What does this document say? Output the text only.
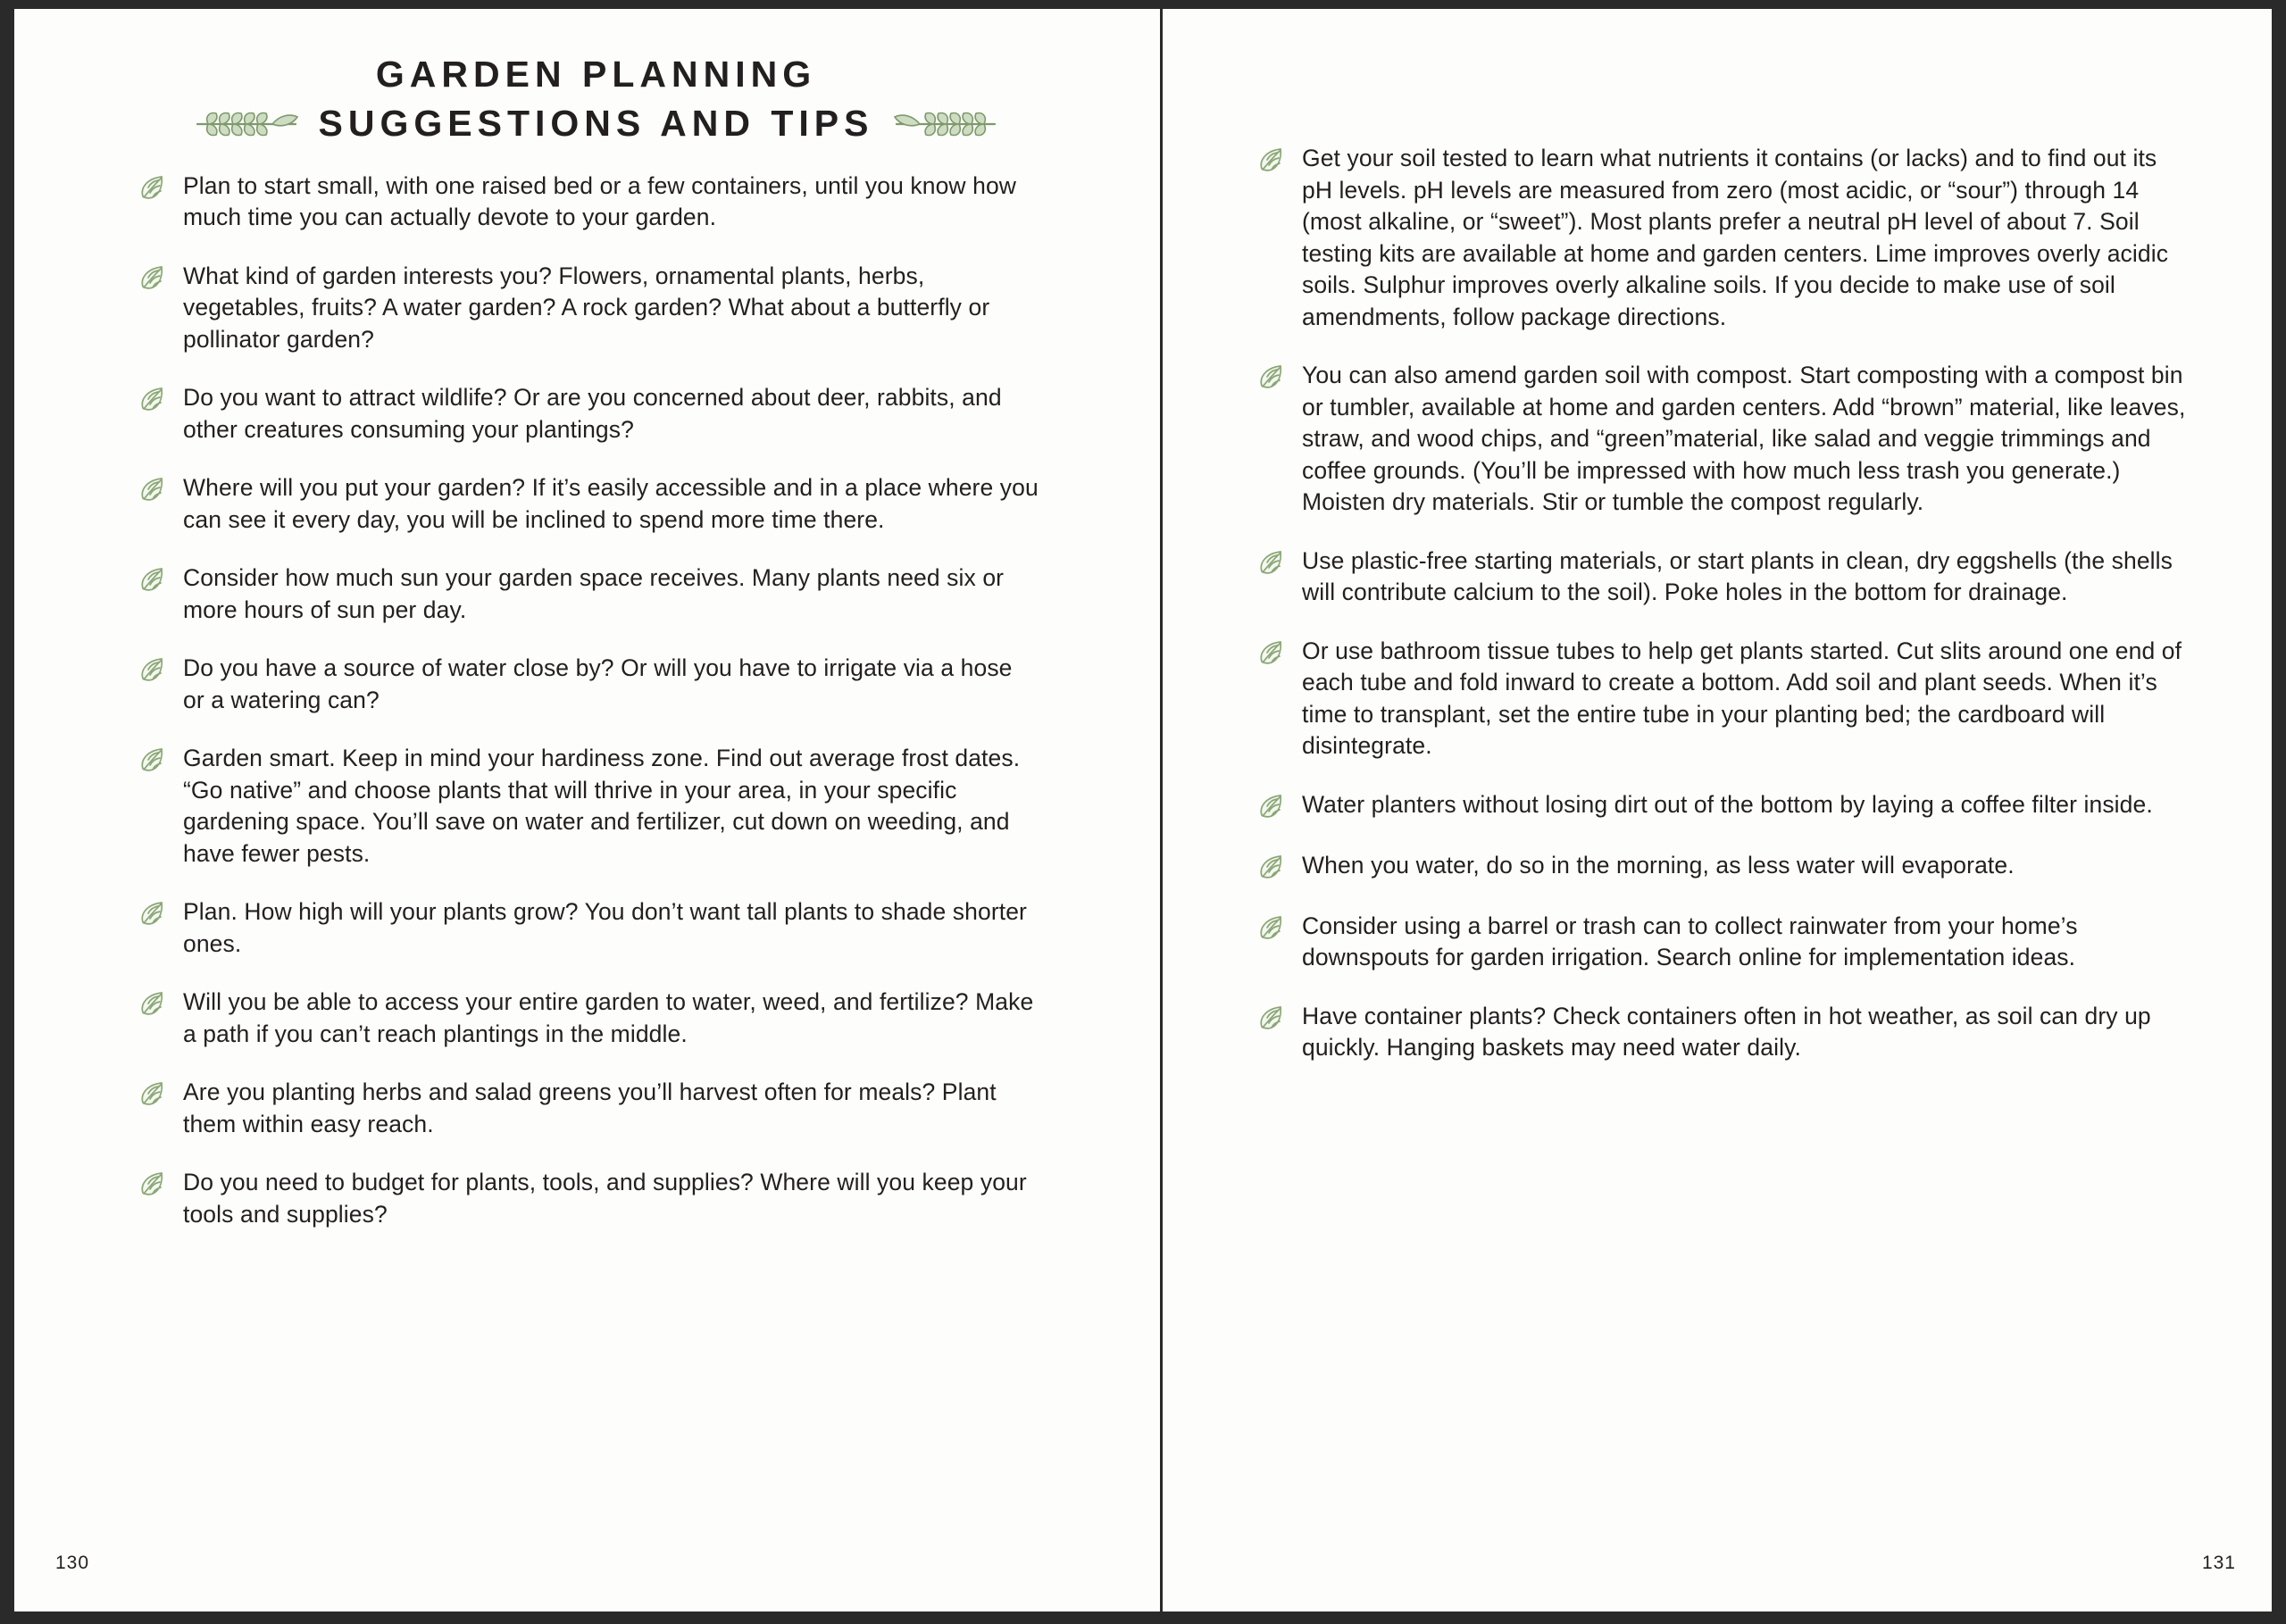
GARDEN PLANNING
SUGGESTIONS AND TIPS
Plan to start small, with one raised bed or a few containers, until you know how much time you can actually devote to your garden.
What kind of garden interests you? Flowers, ornamental plants, herbs, vegetables, fruits? A water garden? A rock garden? What about a butterfly or pollinator garden?
Do you want to attract wildlife? Or are you concerned about deer, rabbits, and other creatures consuming your plantings?
Where will you put your garden? If it’s easily accessible and in a place where you can see it every day, you will be inclined to spend more time there.
Consider how much sun your garden space receives. Many plants need six or more hours of sun per day.
Do you have a source of water close by? Or will you have to irrigate via a hose or a watering can?
Garden smart. Keep in mind your hardiness zone. Find out average frost dates. “Go native” and choose plants that will thrive in your area, in your specific gardening space. You’ll save on water and fertilizer, cut down on weeding, and have fewer pests.
Plan. How high will your plants grow? You don’t want tall plants to shade shorter ones.
Will you be able to access your entire garden to water, weed, and fertilize? Make a path if you can’t reach plantings in the middle.
Are you planting herbs and salad greens you’ll harvest often for meals? Plant them within easy reach.
Do you need to budget for plants, tools, and supplies? Where will you keep your tools and supplies?
130
Get your soil tested to learn what nutrients it contains (or lacks) and to find out its pH levels. pH levels are measured from zero (most acidic, or “sour”) through 14 (most alkaline, or “sweet”). Most plants prefer a neutral pH level of about 7. Soil testing kits are available at home and garden centers. Lime improves overly acidic soils. Sulphur improves overly alkaline soils. If you decide to make use of soil amendments, follow package directions.
You can also amend garden soil with compost. Start composting with a compost bin or tumbler, available at home and garden centers. Add “brown” material, like leaves, straw, and wood chips, and “green”material, like salad and veggie trimmings and coffee grounds. (You’ll be impressed with how much less trash you generate.) Moisten dry materials. Stir or tumble the compost regularly.
Use plastic-free starting materials, or start plants in clean, dry eggshells (the shells will contribute calcium to the soil). Poke holes in the bottom for drainage.
Or use bathroom tissue tubes to help get plants started. Cut slits around one end of each tube and fold inward to create a bottom. Add soil and plant seeds. When it’s time to transplant, set the entire tube in your planting bed; the cardboard will disintegrate.
Water planters without losing dirt out of the bottom by laying a coffee filter inside.
When you water, do so in the morning, as less water will evaporate.
Consider using a barrel or trash can to collect rainwater from your home’s downspouts for garden irrigation. Search online for implementation ideas.
Have container plants? Check containers often in hot weather, as soil can dry up quickly. Hanging baskets may need water daily.
131
